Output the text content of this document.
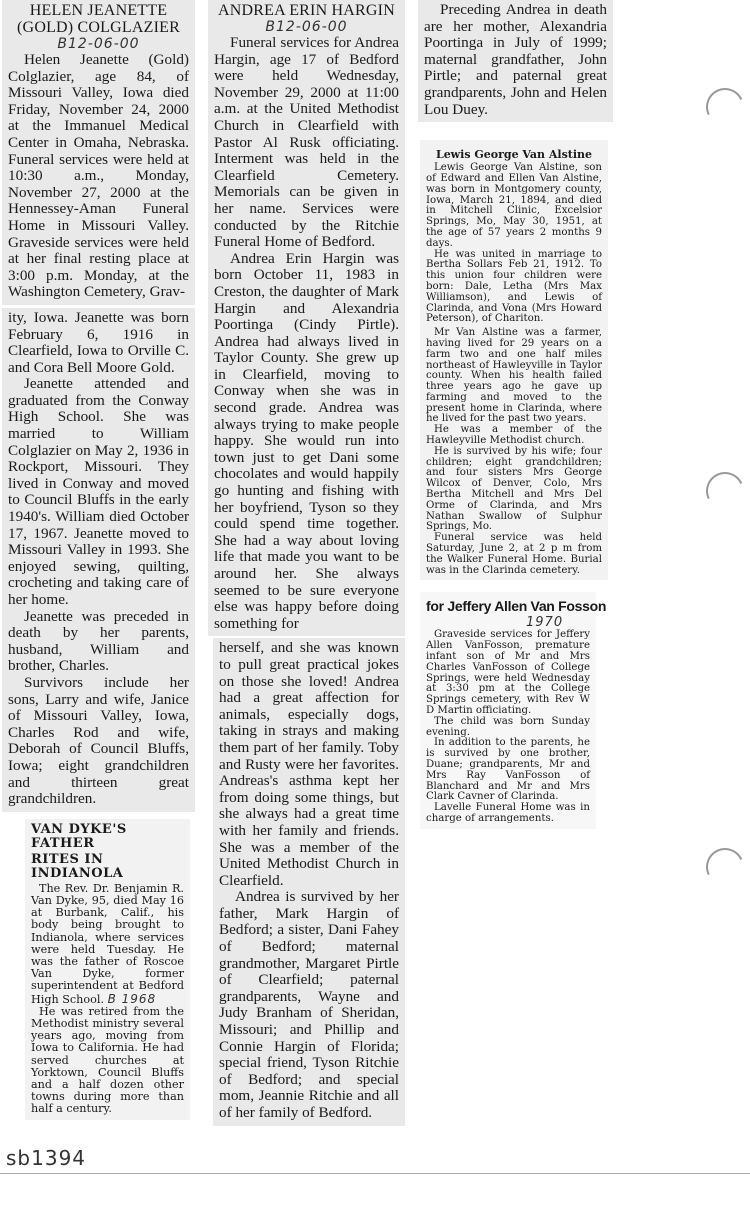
HELEN JEANETTE
(GOLD) COLGLAZIER
B12-06-00

Helen Jeanette (Gold) Colglazier, age 84, of Missouri Valley, Iowa died Friday, November 24, 2000 at the Immanuel Medical Center in Omaha, Nebraska. Funeral services were held at 10:30 a.m., Monday, November 27, 2000 at the Hennessey-Aman Funeral Home in Missouri Valley. Graveside services were held at her final resting place at 3:00 p.m. Monday, at the Washington Cemetery, Grav-

ity, Iowa. Jeanette was born February 6, 1916 in Clearfield, Iowa to Orville C. and Cora Bell Moore Gold.

Jeanette attended and graduated from the Conway High School. She was married to William Colglazier on May 2, 1936 in Rockport, Missouri. They lived in Conway and moved to Council Bluffs in the early 1940's. William died October 17, 1967. Jeanette moved to Missouri Valley in 1993. She enjoyed sewing, quilting, crocheting and taking care of her home.

Jeanette was preceded in death by her parents, husband, William and brother, Charles.

Survivors include her sons, Larry and wife, Janice of Missouri Valley, Iowa, Charles Rod and wife, Deborah of Council Bluffs, Iowa; eight grandchildren and thirteen great grandchildren.

VAN DYKE'S FATHER
RITES IN INDIANOLA

The Rev. Dr. Benjamin R. Van Dyke, 95, died May 16 at Burbank, Calif., his body being brought to Indianola, where services were held Tuesday. He was the father of Roscoe Van Dyke, former superintendent at Bedford High School. B 1968

He was retired from the Methodist ministry several years ago, moving from Iowa to California. He had served churches at Yorktown, Council Bluffs and a half dozen other towns during more than half a century.

ANDREA ERIN HARGIN
B12-06-00

Funeral services for Andrea Hargin, age 17 of Bedford were held Wednesday, November 29, 2000 at 11:00 a.m. at the United Methodist Church in Clearfield with Pastor Al Rusk officiating. Interment was held in the Clearfield Cemetery. Memorials can be given in her name. Services were conducted by the Ritchie Funeral Home of Bedford.

Andrea Erin Hargin was born October 11, 1983 in Creston, the daughter of Mark Hargin and Alexandria Poortinga (Cindy Pirtle). Andrea had always lived in Taylor County. She grew up in Clearfield, moving to Conway when she was in second grade. Andrea was always trying to make people happy. She would run into town just to get Dani some chocolates and would happily go hunting and fishing with her boyfriend, Tyson so they could spend time together. She had a way about loving life that made you want to be around her. She always seemed to be sure everyone else was happy before doing something for

herself, and she was known to pull great practical jokes on those she loved! Andrea had a great affection for animals, especially dogs, taking in strays and making them part of her family. Toby and Rusty were her favorites. Andreas's asthma kept her from doing some things, but she always had a great time with her family and friends. She was a member of the United Methodist Church in Clearfield.

Andrea is survived by her father, Mark Hargin of Bedford; a sister, Dani Fahey of Bedford; maternal grandmother, Margaret Pirtle of Clearfield; paternal grandparents, Wayne and Judy Branham of Sheridan, Missouri; and Phillip and Connie Hargin of Florida; special friend, Tyson Ritchie of Bedford; and special mom, Jeannie Ritchie and all of her family of Bedford.

Preceding Andrea in death are her mother, Alexandria Poortinga in July of 1999; maternal grandfather, John Pirtle; and paternal great grandparents, John and Helen Lou Duey.

Lewis George Van Alstine

Lewis George Van Alstine, son of Edward and Ellen Van Alstine, was born in Montgomery county, Iowa, March 21, 1894, and died in Mitchell Clinic, Excelsior Springs, Mo, May 30, 1951, at the age of 57 years 2 months 9 days.

He was united in marriage to Bertha Sollars Feb 21, 1912. To this union four children were born: Dale, Letha (Mrs Max Williamson), and Lewis of Clarinda, and Vona (Mrs Howard Peterson), of Chariton.

Mr Van Alstine was a farmer, having lived for 29 years on a farm two and one half miles northeast of Hawleyville in Taylor county. When his health failed three years ago he gave up farming and moved to the present home in Clarinda, where he lived for the past two years.

He was a member of the Hawleyville Methodist church.

He is survived by his wife; four children; eight grandchildren; and four sisters Mrs George Wilcox of Denver, Colo, Mrs Bertha Mitchell and Mrs Del Orme of Clarinda, and Mrs Nathan Swallow of Sulphur Springs, Mo.

Funeral service was held Saturday, June 2, at 2 p m from the Walker Funeral Home. Burial was in the Clarinda cemetery.

for Jeffery Allen Van Fosson
1970

Graveside services for Jeffery Allen VanFosson, premature infant son of Mr and Mrs Charles VanFosson of College Springs, were held Wednesday at 3:30 pm at the College Springs cemetery, with Rev W D Martin officiating.

The child was born Sunday evening.

In addition to the parents, he is survived by one brother, Duane; grandparents, Mr and Mrs Ray VanFosson of Blanchard and Mr and Mrs Clark Cavner of Clarinda.

Lavelle Funeral Home was in charge of arrangements.

sb1394
